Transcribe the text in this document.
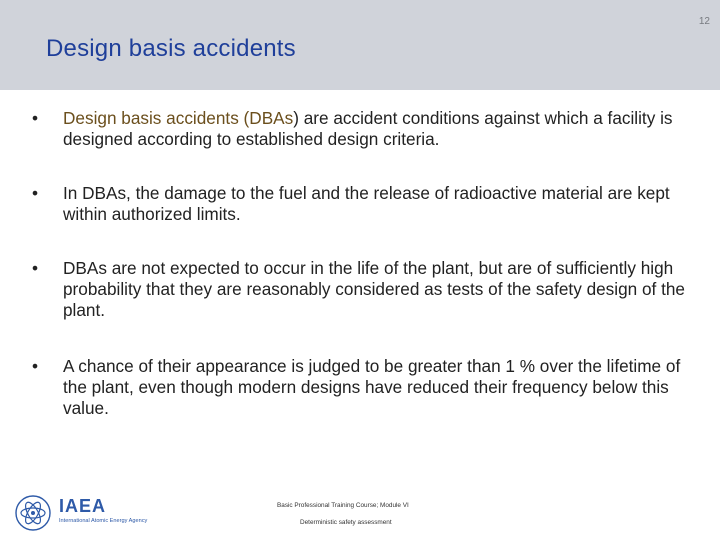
12
Design basis accidents
•	Design basis accidents (DBAs) are accident conditions against which a facility is designed according to established design criteria.
•	In DBAs, the damage to the fuel and the release of radioactive material are kept within authorized limits.
•	DBAs are not expected to occur in the life of the plant, but are of sufficiently high probability that they are reasonably considered as tests of the safety design of the plant.
•	A chance of their appearance is judged to be greater than 1 % over the lifetime of the plant, even though modern designs have reduced their frequency below this value.
IAEA
International Atomic Energy Agency
Basic Professional Training Course; Module VI
Deterministic safety assessment
